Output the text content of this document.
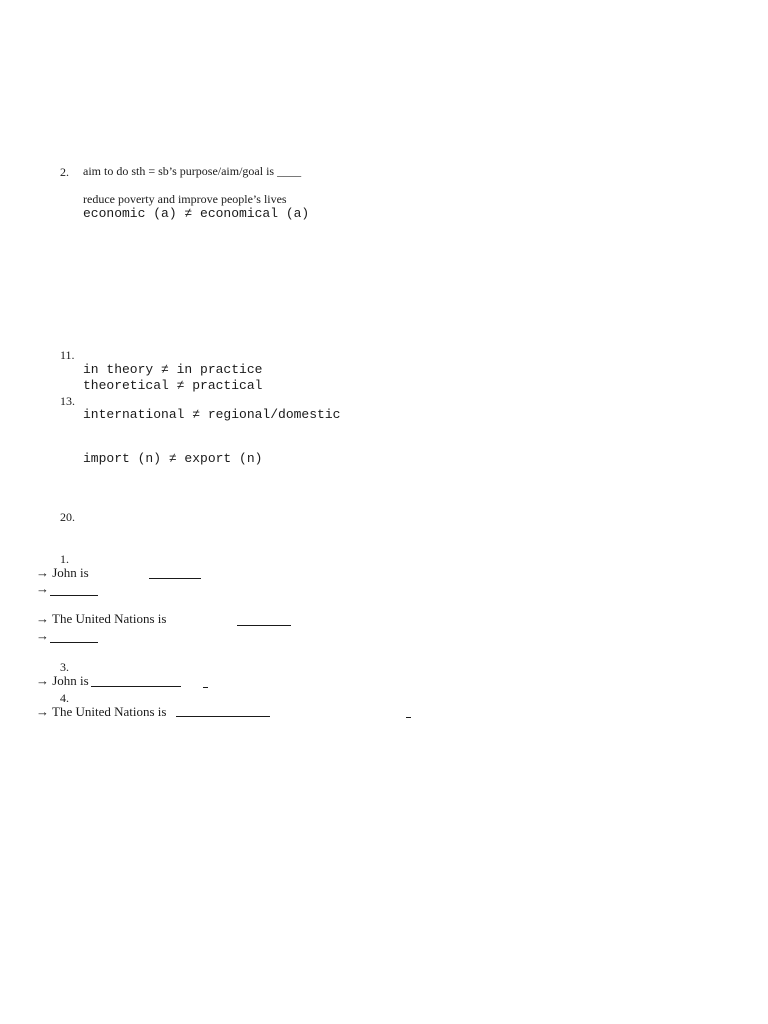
2. aim to do sth = sb’s purpose/aim/goal is ____
reduce poverty and improve people’s lives
economic (a) ≠ economical (a)
11.
in theory ≠ in practice
theoretical ≠ practical
13.
international ≠ regional/domestic
import (n) ≠ export (n)
20.
1.
→ John is
→
→ The United Nations is
→
3.
→ John is
4.
→ The United Nations is
